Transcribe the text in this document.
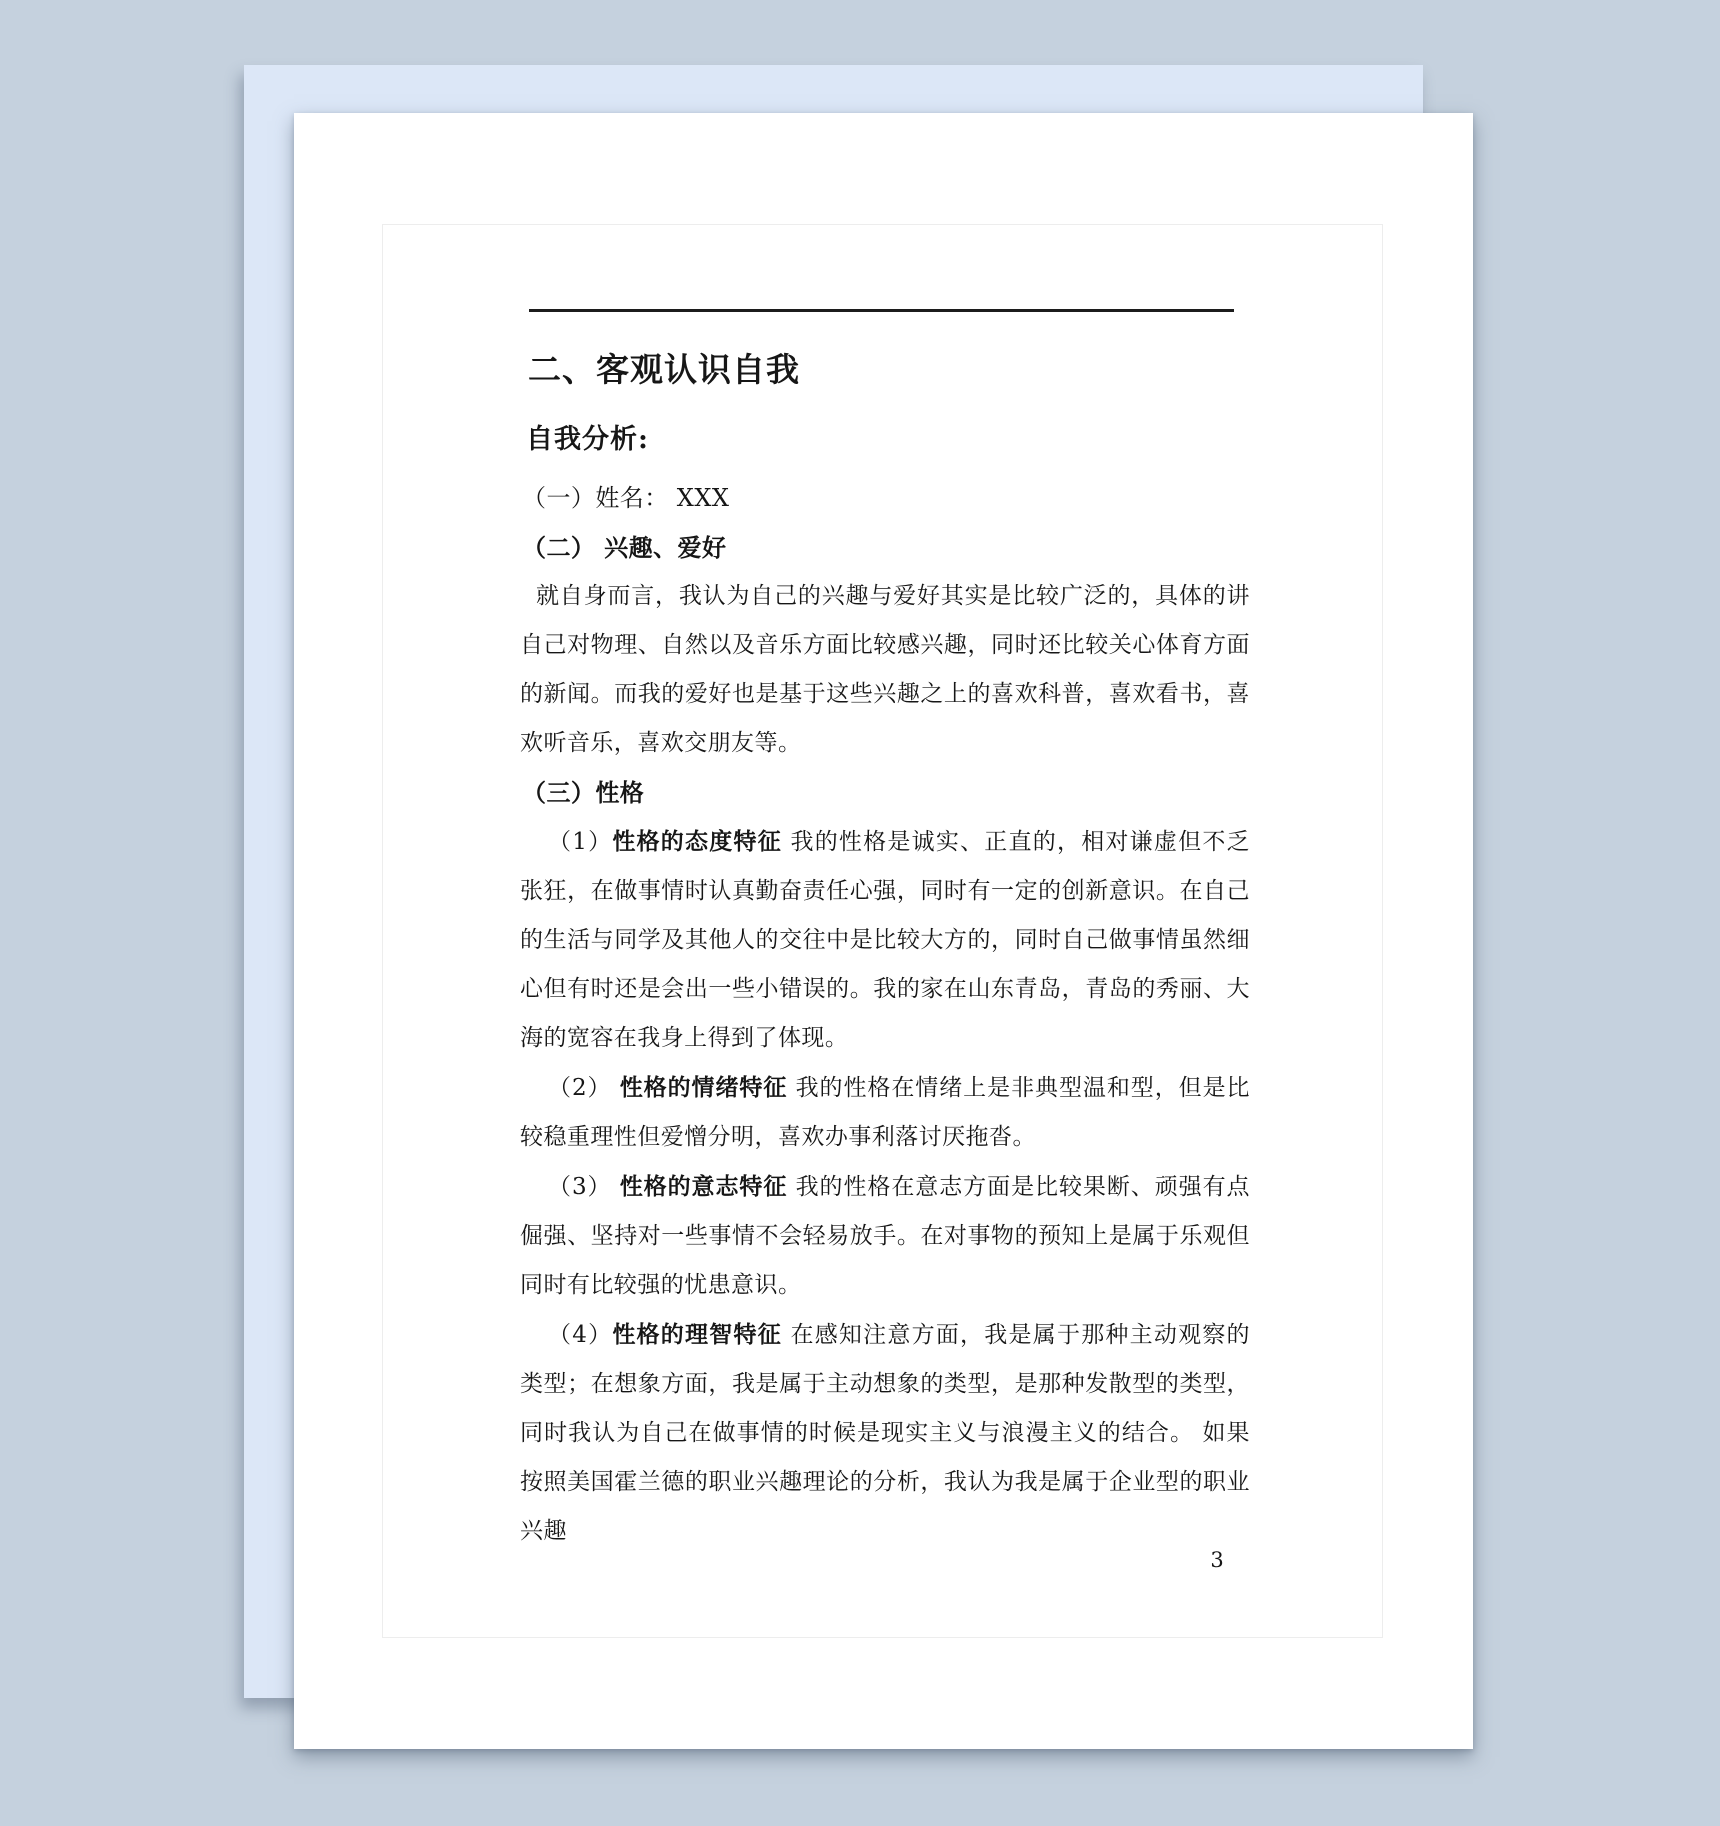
二、客观认识自我
自我分析:

（一）姓名： XXX

（二） 兴趣、爱好

就自身而言，我认为自己的兴趣与爱好其实是比较广泛的，具体的讲自己对物理、自然以及音乐方面比较感兴趣，同时还比较关心体育方面的新闻。而我的爱好也是基于这些兴趣之上的喜欢科普，喜欢看书，喜欢听音乐，喜欢交朋友等。

（三）性格

（1）性格的态度特征 我的性格是诚实、正直的，相对谦虚但不乏张狂，在做事情时认真勤奋责任心强，同时有一定的创新意识。在自己的生活与同学及其他人的交往中是比较大方的，同时自己做事情虽然细心但有时还是会出一些小错误的。我的家在山东青岛，青岛的秀丽、大海的宽容在我身上得到了体现。

（2） 性格的情绪特征 我的性格在情绪上是非典型温和型，但是比较稳重理性但爱憎分明，喜欢办事利落讨厌拖沓。

（3） 性格的意志特征 我的性格在意志方面是比较果断、顽强有点倔强、坚持对一些事情不会轻易放手。在对事物的预知上是属于乐观但同时有比较强的忧患意识。

（4）性格的理智特征 在感知注意方面，我是属于那种主动观察的类型；在想象方面，我是属于主动想象的类型，是那种发散型的类型，同时我认为自己在做事情的时候是现实主义与浪漫主义的结合。 如果按照美国霍兰德的职业兴趣理论的分析，我认为我是属于企业型的职业兴趣

3
